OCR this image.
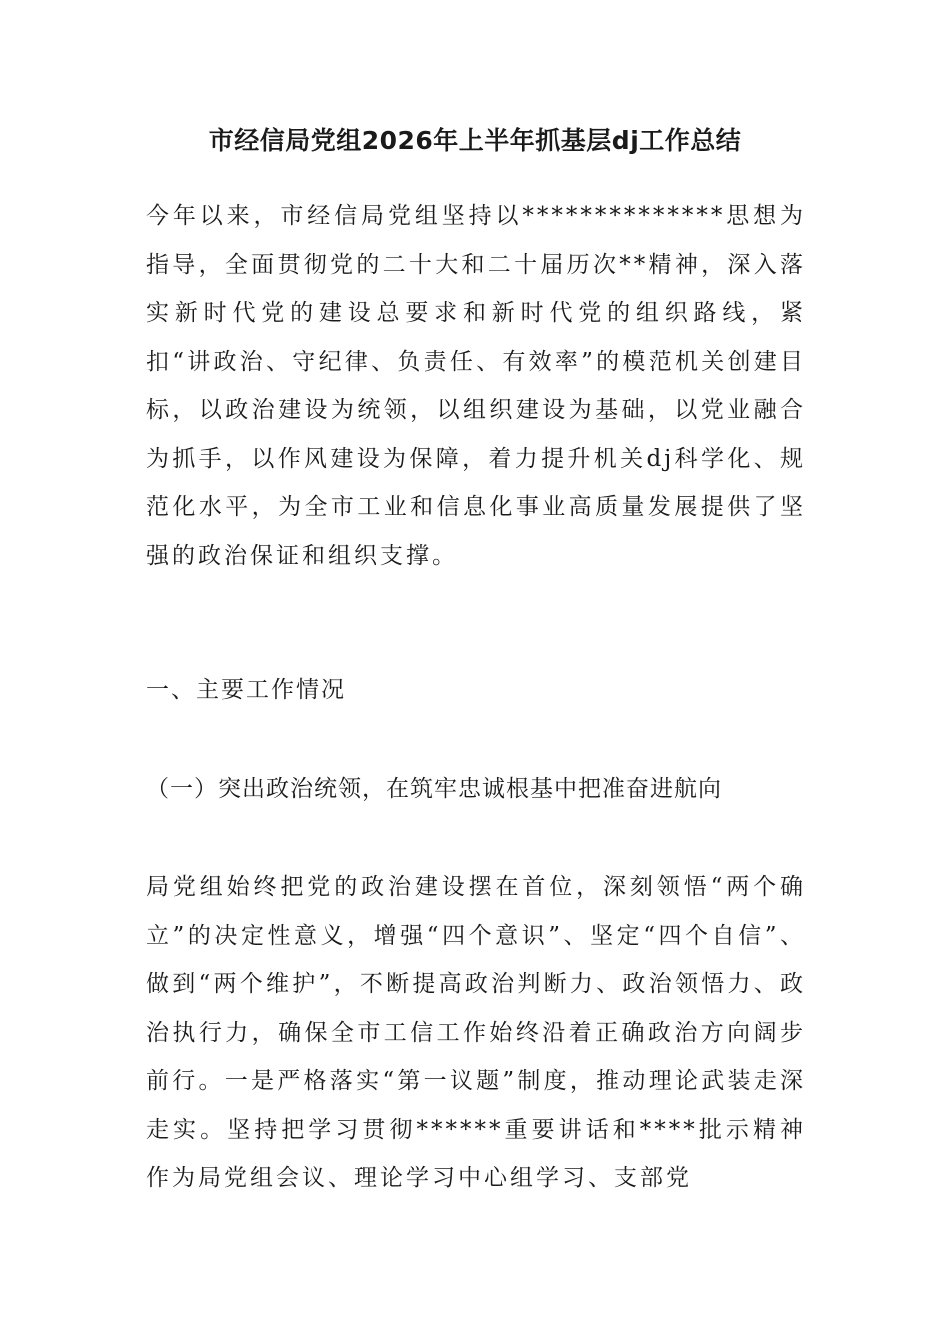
市经信局党组2026年上半年抓基层dj工作总结

今年以来，市经信局党组坚持以**************思想为指导，全面贯彻党的二十大和二十届历次**精神，深入落实新时代党的建设总要求和新时代党的组织路线，紧扣“讲政治、守纪律、负责任、有效率”的模范机关创建目标，以政治建设为统领，以组织建设为基础，以党业融合为抓手，以作风建设为保障，着力提升机关dj科学化、规范化水平，为全市工业和信息化事业高质量发展提供了坚强的政治保证和组织支撑。

一、主要工作情况

（一）突出政治统领，在筑牢忠诚根基中把准奋进航向

局党组始终把党的政治建设摆在首位，深刻领悟“两个确立”的决定性意义，增强“四个意识”、坚定“四个自信”、做到“两个维护”，不断提高政治判断力、政治领悟力、政治执行力，确保全市工信工作始终沿着正确政治方向阔步前行。一是严格落实“第一议题”制度，推动理论武装走深走实。坚持把学习贯彻******重要讲话和****批示精神作为局党组会议、理论学习中心组学习、支部党
